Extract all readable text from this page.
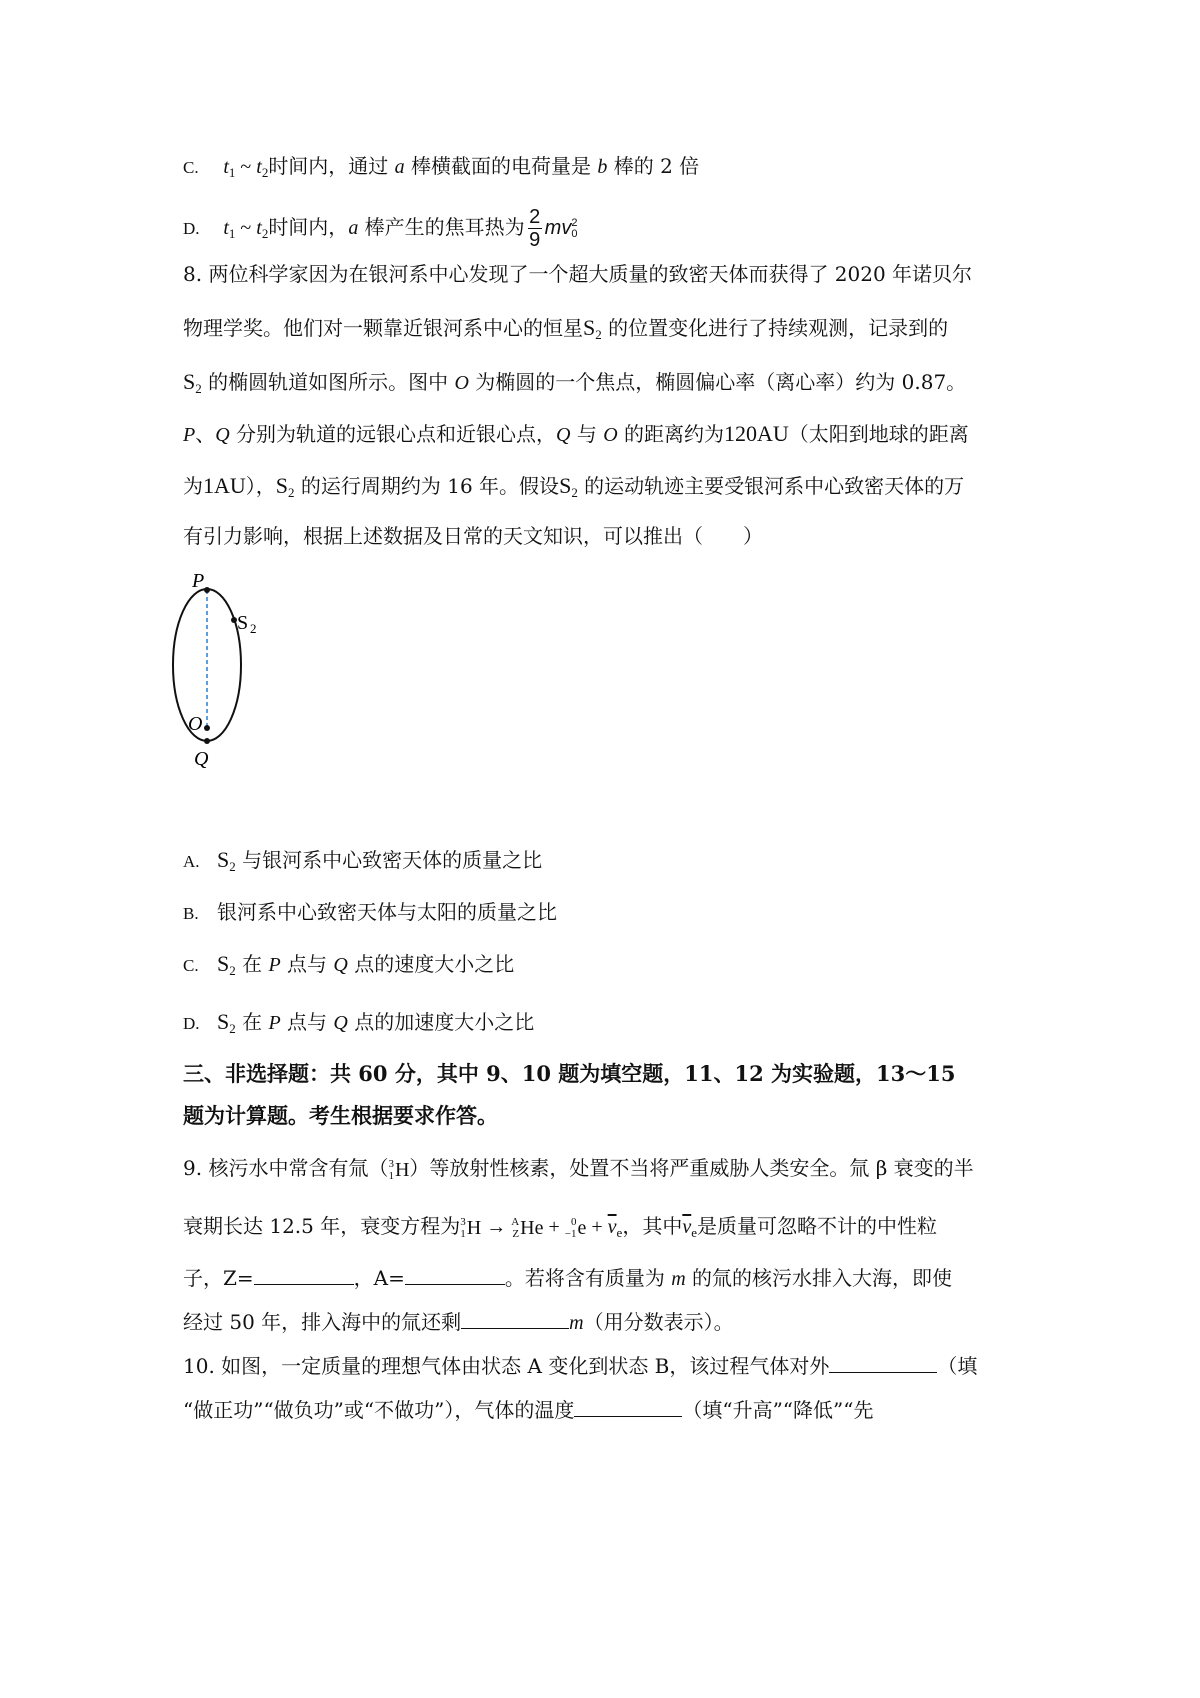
C. $t_1$ ~ $t_2$时间内，通过 a 棒横截面的电荷量是 b 棒的 2 倍
D. $t_1$ ~ $t_2$时间内，a 棒产生的焦耳热为 $\frac{2}{9}$ mv 2
0
8. 两位科学家因为在银河系中心发现了一个超大质量的致密天体而获得了 2020 年诺贝尔
物理学奖。他们对一颗靠近银河系中心的恒星$S_2$ 的位置变化进行了持续观测，记录到的
$S_2$ 的椭圆轨道如图所示。图中 O 为椭圆的一个焦点，椭圆偏心率（离心率）约为 0.87。
P、Q 分别为轨道的远银心点和近银心点，Q 与 O 的距离约为120AU（太阳到地球的距离
为1AU），$S_2$ 的运行周期约为 16 年。假设$S_2$ 的运动轨迹主要受银河系中心致密天体的万
有引力影响，根据上述数据及日常的天文知识，可以推出（　　）
P
S 2
O
Q
A. $S_2$ 与银河系中心致密天体的质量之比
B. 银河系中心致密天体与太阳的质量之比
C. $S_2$ 在 P 点与 Q 点的速度大小之比
D. $S_2$ 在 P 点与 Q 点的加速度大小之比
三、非选择题：共 60 分，其中 9、10 题为填空题，11、12 为实验题，13～15
题为计算题。考生根据要求作答。
9. 核污水中常含有氚（ 3
1 H ）等放射性核素，处置不当将严重威胁人类安全。氚 β 衰变的半
衰期长达 12.5 年，衰变方程为 3
1 H → A
Z He + 0
−1 $e + \overline{\nu}_e$，其中$\overline{\nu}_e$是质量可忽略不计的中性粒
子，Z=	，A=	。若将含有质量为 m 的氚的核污水排入大海，即使
经过 50 年，排入海中的氚还剩	m（用分数表示）。
10. 如图，一定质量的理想气体由状态 A 变化到状态 B，该过程气体对外	（填
“做正功”“做负功”或“不做功”），气体的温度	（填“升高”“降低”“先
